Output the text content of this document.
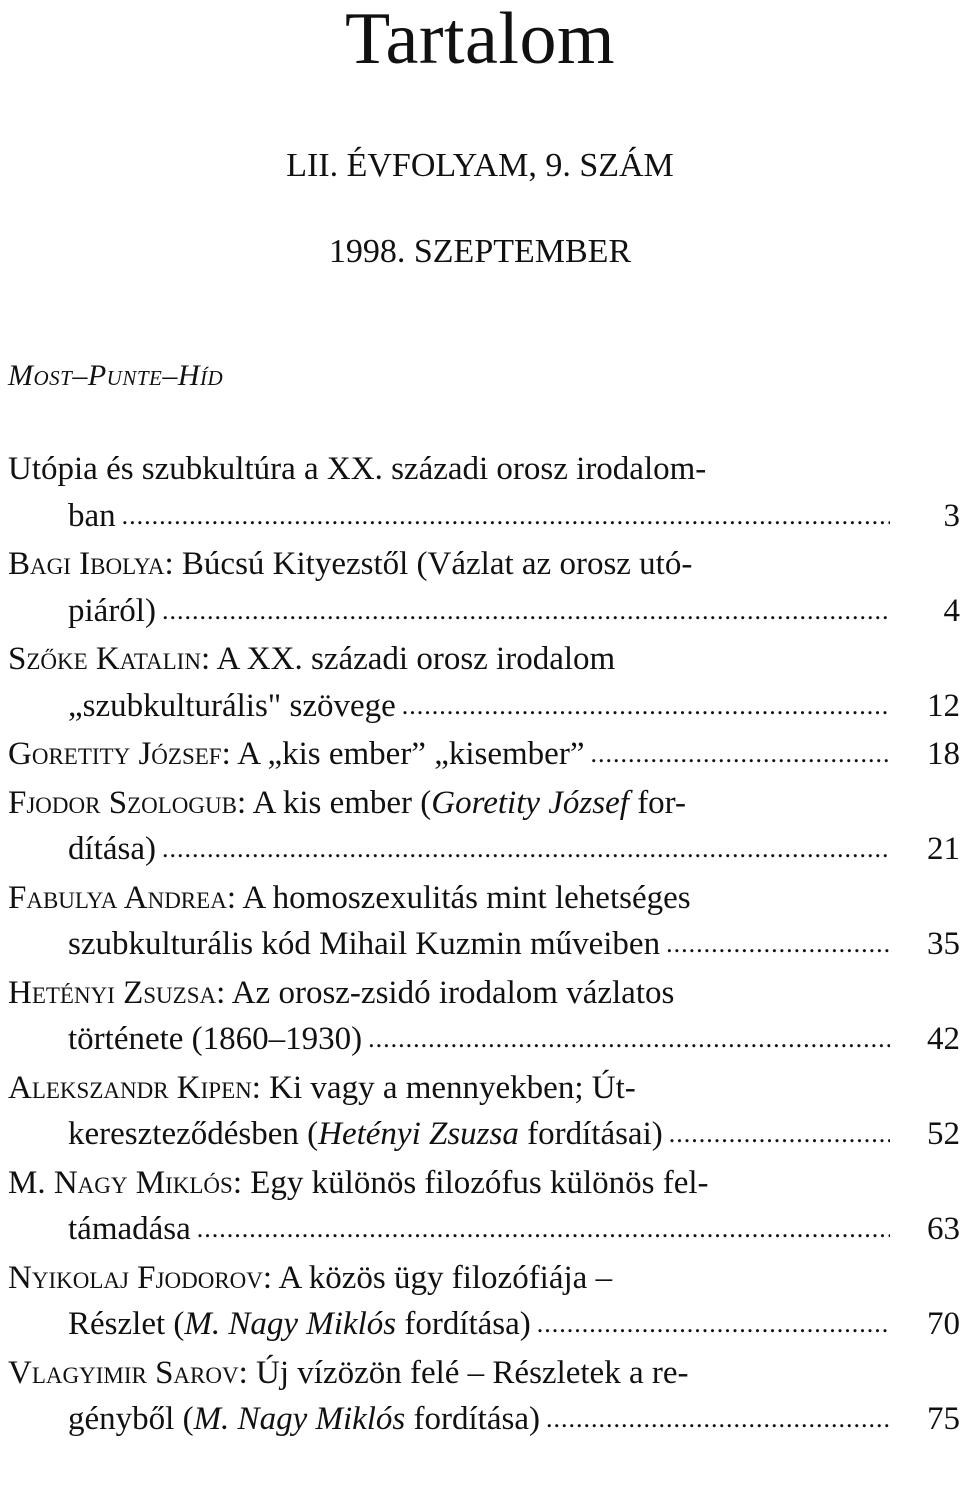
Tartalom
LII. ÉVFOLYAM, 9. SZÁM
1998. SZEPTEMBER
Most–Punte–Híd
Utópia és szubkultúra a XX. századi orosz irodalom-
ban .....	3
Bagi Ibolya: Búcsú Kityezstől (Vázlat az orosz utó-
piáról) .....	4
Szőke Katalin: A XX. századi orosz irodalom
„szubkulturális" szövege .....	12
Goretity József: A „kis ember” „kisember” .....	18
Fjodor Szologub: A kis ember (Goretity József for-
dítása) .....	21
Fabulya Andrea: A homoszexulitás mint lehetséges
szubkulturális kód Mihail Kuzmin műveiben .....	35
Hetényi Zsuzsa: Az orosz-zsidó irodalom vázlatos
története (1860–1930) .....	42
Alekszandr Kipen: Ki vagy a mennyekben; Út-
kereszteződésben (Hetényi Zsuzsa fordításai) .....	52
M. Nagy Miklós: Egy különös filozófus különös fel-
támadása .....	63
Nyikolaj Fjodorov: A közös ügy filozófiája –
Részlet (M. Nagy Miklós fordítása) .....	70
Vlagyimir Sarov: Új vízözön felé – Részletek a re-
gényből (M. Nagy Miklós fordítása) .....	75
